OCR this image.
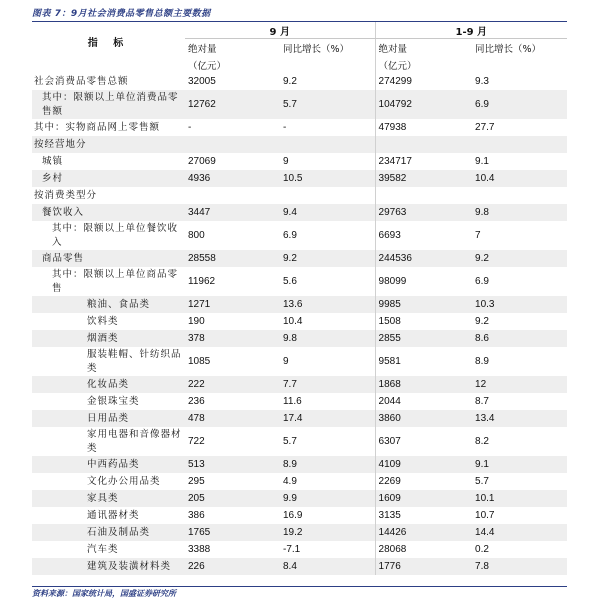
图表 7：9月社会消费品零售总额主要数据
指 标	9 月		1-9 月	
	绝对量	同比增长（%）	绝对量	同比增长（%）
	（亿元）		（亿元）	
社会消费品零售总额	32005	9.2	274299	9.3
其中：限额以上单位消费品零售额	12762	5.7	104792	6.9
其中：实物商品网上零售额	-	-	47938	27.7
按经营地分				
城镇	27069	9	234717	9.1
乡村	4936	10.5	39582	10.4
按消费类型分				
餐饮收入	3447	9.4	29763	9.8
其中：限额以上单位餐饮收入	800	6.9	6693	7
商品零售	28558	9.2	244536	9.2
其中：限额以上单位商品零售	11962	5.6	98099	6.9
粮油、食品类	1271	13.6	9985	10.3
饮料类	190	10.4	1508	9.2
烟酒类	378	9.8	2855	8.6
服装鞋帽、针纺织品类	1085	9	9581	8.9
化妆品类	222	7.7	1868	12
金银珠宝类	236	11.6	2044	8.7
日用品类	478	17.4	3860	13.4
家用电器和音像器材类	722	5.7	6307	8.2
中西药品类	513	8.9	4109	9.1
文化办公用品类	295	4.9	2269	5.7
家具类	205	9.9	1609	10.1
通讯器材类	386	16.9	3135	10.7
石油及制品类	1765	19.2	14426	14.4
汽车类	3388	-7.1	28068	0.2
建筑及装潢材料类	226	8.4	1776	7.8
资料来源：国家统计局，国盛证券研究所
